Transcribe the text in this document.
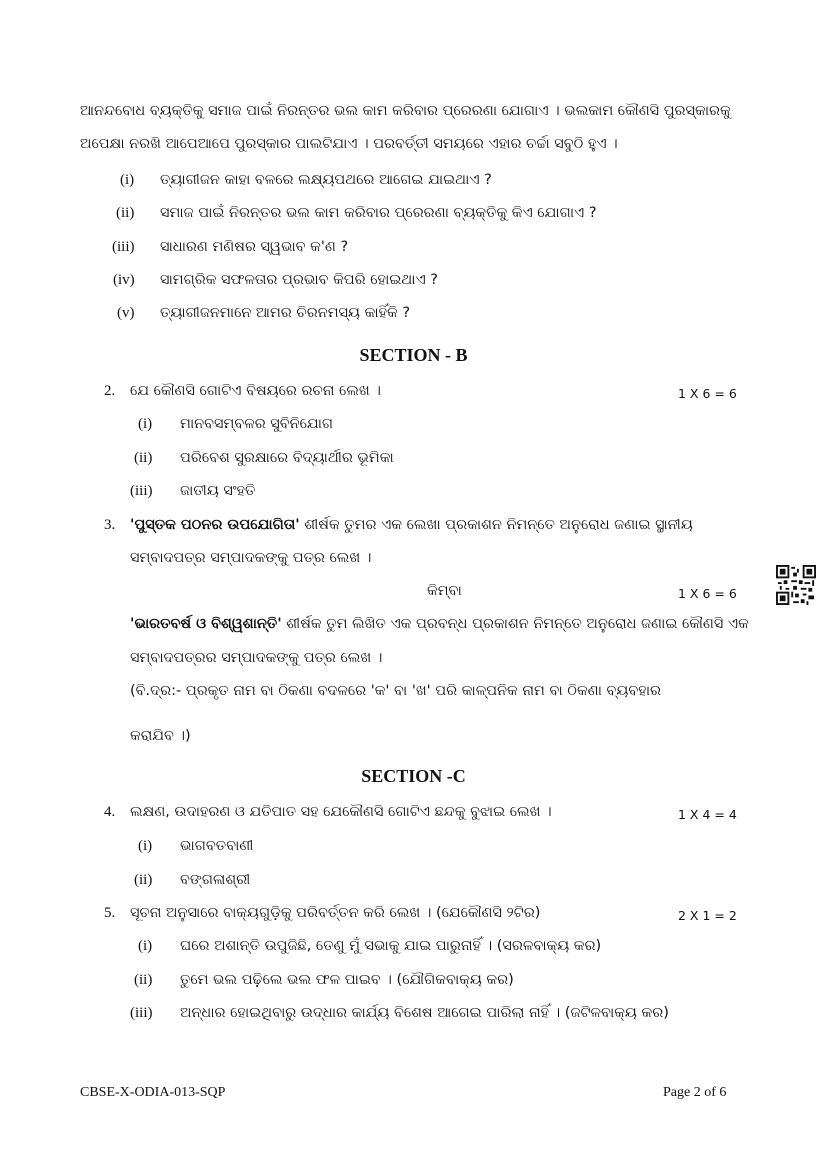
ଆନନ୍ଦବୋଧ ବ୍ୟକ୍ତିକୁ ସମାଜ ପାଇଁ ନିରନ୍ତର ଭଲ କାମ କରିବାର ପ୍ରେରଣା ଯୋଗାଏ । ଭଲକାମ କୌଣସି ପୁରସ୍କାରକୁ
ଅପେକ୍ଷା ନରଖି ଆପେଆପେ ପୁରସ୍କାର ପାଲଟିଯାଏ । ପରବର୍ତ୍ତୀ ସମୟରେ ଏହାର ଚର୍ଚ୍ଚା ସବୁଠି ହୁଏ ।
(i) ତ୍ୟାଗୀଜନ କାହା ବଳରେ ଲକ୍ଷ୍ୟପଥରେ ଆଗେଇ ଯାଇଥାଏ ?
(ii) ସମାଜ ପାଇଁ ନିରନ୍ତର ଭଲ କାମ କରିବାର ପ୍ରେରଣା ବ୍ୟକ୍ତିକୁ କିଏ ଯୋଗାଏ ?
(iii) ସାଧାରଣ ମଣିଷର ସ୍ୱଭାବ କ'ଣ ?
(iv) ସାମଗ୍ରିକ ସଫଳତାର ପ୍ରଭାବ କିପରି ହୋଇଥାଏ ?
(v) ତ୍ୟାଗୀଜନମାନେ ଆମର ଚିରନମସ୍ୟ କାହିଁକି ?
SECTION - B
2. ଯେ କୌଣସି ଗୋଟିଏ ବିଷୟରେ ରଚନା ଲେଖ ।	1 X 6 = 6
(i) ମାନବସମ୍ବଳର ସୁବିନିଯୋଗ
(ii) ପରିବେଶ ସୁରକ୍ଷାରେ ବିଦ୍ୟାର୍ଥୀର ଭୂମିକା
(iii) ଜାତୀୟ ସଂହତି
3. 'ପୁସ୍ତକ ପଠନର ଉପଯୋଗିତା' ଶୀର୍ଷକ ତୁମର ଏକ ଲେଖା ପ୍ରକାଶନ ନିମନ୍ତେ ଅନୁରୋଧ ଜଣାଇ ସ୍ଥାନୀୟ
ସମ୍ବାଦପତ୍ର ସମ୍ପାଦକଙ୍କୁ ପତ୍ର ଲେଖ ।
କିମ୍ବା	1 X 6 = 6
'ଭାରତବର୍ଷ ଓ ବିଶ୍ୱଶାନ୍ତି' ଶୀର୍ଷକ ତୁମ ଲିଖିତ ଏକ ପ୍ରବନ୍ଧ ପ୍ରକାଶନ ନିମନ୍ତେ ଅନୁରୋଧ ଜଣାଇ କୌଣସି ଏକ
ସମ୍ବାଦପତ୍ରର ସମ୍ପାଦକଙ୍କୁ ପତ୍ର ଲେଖ ।
(ବି.ଦ୍ର:- ପ୍ରକୃତ ନାମ ବା ଠିକଣା ବଦଳରେ 'କ' ବା 'ଖ' ପରି କାଳ୍ପନିକ ନାମ ବା ଠିକଣା ବ୍ୟବହାର
କରାଯିବ ।)
SECTION -C
4. ଲକ୍ଷଣ, ଉଦାହରଣ ଓ ଯତିପାତ ସହ ଯେକୌଣସି ଗୋଟିଏ ଛନ୍ଦକୁ ବୁଝାଇ ଲେଖ ।	1 X 4 = 4
(i) ଭାଗବତବାଣୀ
(ii) ବଙ୍ଗଳାଶ୍ରୀ
5. ସୂଚନା ଅନୁସାରେ ବାକ୍ୟଗୁଡ଼ିକୁ ପରିବର୍ତ୍ତନ କରି ଲେଖ । (ଯେକୌଣସି ୨ଟିର)	2 X 1 = 2
(i) ଘରେ ଅଶାନ୍ତି ଉପୁଜିଛି, ତେଣୁ ମୁଁ ସଭାକୁ ଯାଇ ପାରୁନାହିଁ । (ସରଳବାକ୍ୟ କର)
(ii) ତୁମେ ଭଲ ପଢ଼ିଲେ ଭଲ ଫଳ ପାଇବ । (ଯୌଗିକବାକ୍ୟ କର)
(iii) ଅନ୍ଧାର ହୋଇଥିବାରୁ ଉଦ୍ଧାର କାର୍ଯ୍ୟ ବିଶେଷ ଆଗେଇ ପାରିଲା ନାହିଁ । (ଜଟିଳବାକ୍ୟ କର)
CBSE-X-ODIA-013-SQP	Page 2 of 6
